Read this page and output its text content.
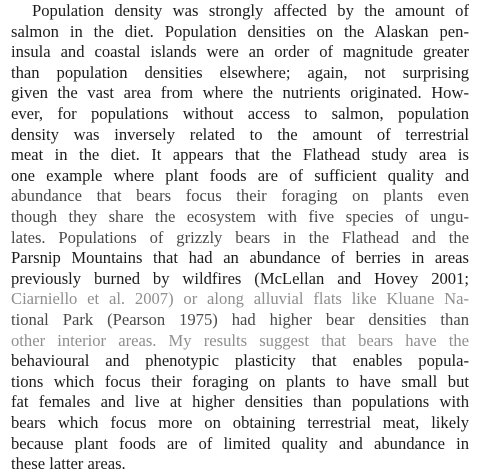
Population density was strongly affected by the amount of
salmon in the diet. Population densities on the Alaskan pen-
insula and coastal islands were an order of magnitude greater
than population densities elsewhere; again, not surprising
given the vast area from where the nutrients originated. How-
ever, for populations without access to salmon, population
density was inversely related to the amount of terrestrial
meat in the diet. It appears that the Flathead study area is
one example where plant foods are of sufficient quality and
abundance that bears focus their foraging on plants even
though they share the ecosystem with five species of ungu-
lates. Populations of grizzly bears in the Flathead and the
Parsnip Mountains that had an abundance of berries in areas
previously burned by wildfires (McLellan and Hovey 2001;
Ciarniello et al. 2007) or along alluvial flats like Kluane Na-
tional Park (Pearson 1975) had higher bear densities than
other interior areas. My results suggest that bears have the
behavioural and phenotypic plasticity that enables popula-
tions which focus their foraging on plants to have small but
fat females and live at higher densities than populations with
bears which focus more on obtaining terrestrial meat, likely
because plant foods are of limited quality and abundance in
these latter areas.
